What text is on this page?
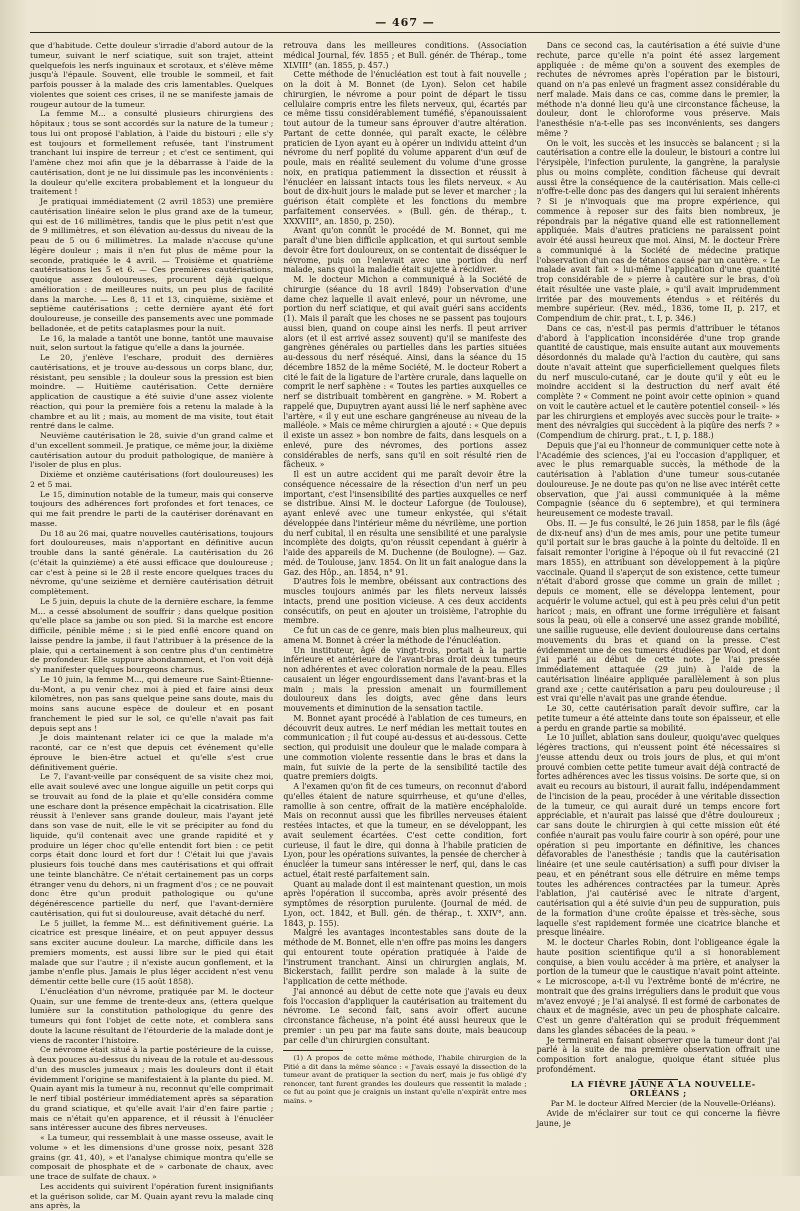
— 467 —

que d'habitude. Cette douleur s'irradie d'abord autour de la tumeur, suivant le nerf sciatique, suit son trajet, atteint quelquefois les nerfs inguinaux et scrotaux, et s'élève même jusqu'à l'épaule. Souvent, elle trouble le sommeil, et fait parfois pousser à la malade des cris lamentables. Quelques violentes que soient ces crises, il ne se manifeste jamais de rougeur autour de la tumeur.

La femme M... a consulté plusieurs chirurgiens des hôpitaux ; tous se sont accordés sur la nature de la tumeur ; tous lui ont proposé l'ablation, à l'aide du bistouri ; elle s'y est toujours et formellement refusée, tant l'instrument tranchant lui inspire de terreur ; et c'est ce sentiment, qui l'amène chez moi afin que je la débarrasse à l'aide de la cautérisation, dont je ne lui dissimule pas les inconvénients : la douleur qu'elle excitera probablement et la longueur du traitement !

Je pratiquai immédiatement (2 avril 1853) une première cautérisation linéaire selon le plus grand axe de la tumeur, qui est de 16 millimètres, tandis que le plus petit n'est que de 9 millimètres, et son élévation au-dessus du niveau de la peau de 5 ou 6 millimètres. La malade n'accuse qu'une légère douleur ; mais il n'en fut plus de même pour la seconde, pratiquée le 4 avril. — Troisième et quatrième cautérisations les 5 et 6. — Ces premières cautérisations, quoique assez douloureuses, procurent déjà quelque amélioration : de meilleures nuits, un peu plus de facilité dans la marche. — Les 8, 11 et 13, cinquième, sixième et septième cautérisations ; cette dernière ayant été fort douloureuse, je conseille des pansements avec une pommade belladonée, et de petits cataplasmes pour la nuit.

Le 16, la malade a tantôt une bonne, tantôt une mauvaise nuit, selon surtout la fatigue qu'elle a dans la journée.

Le 20, j'enlève l'eschare, produit des dernières cautérisations, et je trouve au-dessous un corps blanc, dur, résistant, peu sensible ; la douleur sous la pression est bien moindre. — Huitième cautérisation. Cette dernière application de caustique a été suivie d'une assez violente réaction, qui pour la première fois a retenu la malade à la chambre et au lit ; mais, au moment de ma visite, tout était rentré dans le calme.

Neuvième cautérisation le 28, suivie d'un grand calme et d'un excellent sommeil. Je pratique, ce même jour, la dixième cautérisation autour du produit pathologique, de manière à l'isoler de plus en plus.

Dixième et onzième cautérisations (fort douloureuses) les 2 et 5 mai.

Le 15, diminution notable de la tumeur, mais qui conserve toujours des adhérences fort profondes et fort tenaces, ce qui me fait prendre le parti de la cautériser dorénavant en masse.

Du 18 au 26 mai, quatre nouvelles cautérisations, toujours fort douloureuses, mais n'apportant en définitive aucun trouble dans la santé générale. La cautérisation du 26 (c'était la quinzième) a été aussi efficace que douloureuse ; car c'est à peine si le 28 il reste encore quelques traces du névrome, qu'une seizième et dernière cautérisation détruit complètement.

Le 5 juin, depuis la chute de la dernière eschare, la femme M... a cessé absolument de souffrir ; dans quelque position qu'elle place sa jambe ou son pied. Si la marche est encore difficile, pénible même ; si le pied enflé encore quand on laisse pendre la jambe, il faut l'attribuer à la présence de la plaie, qui a certainement à son centre plus d'un centimètre de profondeur. Elle suppure abondamment, et l'on voit déjà s'y manifester quelques bourgeons charnus.

Le 10 juin, la femme M..., qui demeure rue Saint-Étienne-du-Mont, a pu venir chez moi à pied et faire ainsi deux kilomètres, non pas sans quelque peine sans doute, mais du moins sans aucune espèce de douleur et en posant franchement le pied sur le sol, ce qu'elle n'avait pas fait depuis sept ans !

Je dois maintenant relater ici ce que la malade m'a raconté, car ce n'est que depuis cet événement qu'elle éprouve le bien-être actuel et qu'elle s'est crue définitivement guérie.

Le 7, l'avant-veille par conséquent de sa visite chez moi, elle avait soulevé avec une longue aiguille un petit corps qui se trouvait au fond de la plaie et qu'elle considéra comme une eschare dont la présence empêchait la cicatrisation. Elle réussit à l'enlever sans grande douleur, mais l'ayant jeté dans son vase de nuit, elle le vit se précipiter au fond du liquide, qu'il contenait avec une grande rapidité et y produire un léger choc qu'elle entendit fort bien : ce petit corps était donc lourd et fort dur ! C'était lui que j'avais plusieurs fois touché dans mes cautérisations et qui offrait une teinte blanchâtre. Ce n'était certainement pas un corps étranger venu du dehors, ni un fragment d'os ; ce ne pouvait donc être qu'un produit pathologique ou qu'une dégénérescence partielle du nerf, que l'avant-dernière cautérisation, qui fut si douloureuse, avait détaché du nerf.

Le 5 juillet, la femme M... est définitivement guérie. La cicatrice est presque linéaire, et on peut appuyer dessus sans exciter aucune douleur. La marche, difficile dans les premiers moments, est aussi libre sur le pied qui était malade que sur l'autre ; il n'existe aucun gonflement, et la jambe n'enfle plus. Jamais le plus léger accident n'est venu démentir cette belle cure (15 août 1858).

L'énucléation d'un névrome, pratiquée par M. le docteur Quain, sur une femme de trente-deux ans, (ettera quelque lumière sur la constitution pathologique du genre des tumeurs qui font l'objet de cette note, et comblera sans doute la lacune résultant de l'étourderie de la malade dont je viens de raconter l'histoire.

Ce névrome était situé à la partie postérieure de la cuisse, à deux pouces au-dessus du niveau de la rotule et au-dessous d'un des muscles jumeaux ; mais les douleurs dont il était évidemment l'origine se manifestaient à la plante du pied. M. Quain ayant mis la tumeur à nu, reconnut qu'elle comprimait le nerf tibial postérieur immédiatement après sa séparation du grand sciatique, et qu'elle avait l'air d'en faire partie ; mais ce n'était qu'en apparence, et il réussit à l'énucléer sans intéresser aucune des fibres nerveuses.

« La tumeur, qui ressemblait à une masse osseuse, avait le volume » et les dimensions d'une grosse noix, pesant 328 grains (gr. 41, 40), » et l'analyse chimique montra qu'elle se composait de phosphate et de » carbonate de chaux, avec une trace de sulfate de chaux. »

Les accidents qui suivirent l'opération furent insignifiants et la guérison solide, car M. Quain ayant revu la malade cinq ans après, la

retrouva dans les meilleures conditions. (Association médical Journal, fév. 1855 ; et Bull. génér. de Thérap., tome XLVIII° (an. 1855, p. 457.)

Cette méthode de l'énucléation est tout à fait nouvelle ; on la doit à M. Bonnet (de Lyon). Selon cet habile chirurgien, le névrome a pour point de départ le tissu cellulaire compris entre les filets nerveux, qui, écartés par ce même tissu considérablement tuméfié, s'épanouissaient tout autour de la tumeur sans éprouver d'autre altération. Partant de cette donnée, qui paraît exacte, le célèbre praticien de Lyon ayant eu à opérer un individu atteint d'un névrome du nerf poplité du volume apparent d'un œuf de poule, mais en réalité seulement du volume d'une grosse noix, en pratiqua patiemment la dissection et réussit à l'énucléer en laissant intacts tous les filets nerveux. « Au bout de dix-huit jours le malade put se lever et marcher ; la guérison était complète et les fonctions du membre parfaitement conservées. » (Bull. gén. de thérap., t. XXXVIII°, an. 1850, p. 250).

Avant qu'on connût le procédé de M. Bonnet, qui me paraît d'une bien difficile application, et qui surtout semble devoir être fort douloureux, on se contentait de disséquer le névrome, puis on l'enlevait avec une portion du nerf malade, sans quoi la maladie était sujette à récidiver.

M. le docteur Michon a communiqué à la Société de chirurgie (séance du 18 avril 1849) l'observation d'une dame chez laquelle il avait enlevé, pour un névrome, une portion du nerf sciatique, et qui avait guéri sans accidents (1). Mais il paraît que les choses ne se passent pas toujours aussi bien, quand on coupe ainsi les nerfs. Il peut arriver alors (et il est arrivé assez souvent) qu'il se manifeste des gangrènes générales ou partielles dans les parties situées au-dessous du nerf réséqué. Ainsi, dans la séance du 15 décembre 1852 de la même Société, M. le docteur Robert a cité le fait de la ligature de l'artère crurale, dans laquelle on comprit le nerf saphène : « Toutes les parties auxquelles ce nerf se distribuait tombèrent en gangrène. » M. Robert a rappelé que, Dupuytren ayant aussi lié le nerf saphène avec l'artère, « il y eut une eschare gangréneuse au niveau de la malléole. » Mais ce même chirurgien a ajouté : « Que depuis il existe un assez » bon nombre de faits, dans lesquels on a enlevé, pure des névromes, des portions assez considérables de nerfs, sans qu'il en soit résulté rien de fâcheux. »

Il est un autre accident qui me paraît devoir être la conséquence nécessaire de la résection d'un nerf un peu important, c'est l'insensibilité des parties auxquelles ce nerf se distribue. Ainsi M. le docteur Laforgue (de Toulouse), ayant enlevé avec une tumeur enkystée, qui s'était développée dans l'intérieur même du névrilème, une portion du nerf cubital, il en résulta une sensibilité et une paralysie incomplète des doigts, qu'on réussit cependant à guérir à l'aide des appareils de M. Duchenne (de Boulogne). — Gaz. méd. de Toulouse, janv. 1854. On lit un fait analogue dans la Gaz. des Hôp., an. 1854, n° 91.

D'autres fois le membre, obéissant aux contractions des muscles toujours animés par les filets nerveux laissés intacts, prend une position vicieuse. A ces deux accidents consécutifs, on peut en ajouter un troisième, l'atrophie du membre.

Ce fut un cas de ce genre, mais bien plus malheureux, qui amena M. Bonnet à créer la méthode de l'énucléation.

Un instituteur, âgé de vingt-trois, portait à la partie inférieure et antérieure de l'avant-bras droit deux tumeurs non adhérentes et avec coloration normale de la peau. Elles causaient un léger engourdissement dans l'avant-bras et la main ; mais la pression amenait un fourmillement douloureux dans les doigts, avec gêne dans leurs mouvements et diminution de la sensation tactile.

M. Bonnet ayant procédé à l'ablation de ces tumeurs, en découvrit deux autres. Le nerf médian les mettait toutes en communication ; il fut coupé au-dessus et au-dessous. Cette section, qui produisit une douleur que le malade compara à une commotion violente ressentie dans le bras et dans la main, fut suivie de la perte de la sensibilité tactile des quatre premiers doigts.

A l'examen qu'on fit de ces tumeurs, on reconnut d'abord qu'elles étaient de nature squirrheuse, et qu'une d'elles, ramollie à son centre, offrait de la matière encéphaloïde. Mais on reconnut aussi que les fibrilles nerveuses étaient restées intactes, et que la tumeur, en se développant, les avait seulement écartées. C'est cette condition, fort curieuse, il faut le dire, qui donna à l'habile praticien de Lyon, pour les opérations suivantes, la pensée de chercher à énucléer la tumeur sans intéresser le nerf, qui, dans le cas actuel, était resté parfaitement sain.

Quant au malade dont il est maintenant question, un mois après l'opération il succomba, après avoir présenté des symptômes de résorption purulente. (Journal de méd. de Lyon, oct. 1842, et Bull. gén. de thérap., t. XXIV°, ann. 1843, p. 155).

Malgré les avantages incontestables sans doute de la méthode de M. Bonnet, elle n'en offre pas moins les dangers qui entourent toute opération pratiquée à l'aide de l'instrument tranchant. Ainsi un chirurgien anglais, M. Bickerstach, faillit perdre son malade à la suite de l'application de cette méthode.

J'ai annoncé au début de cette note que j'avais eu deux fois l'occasion d'appliquer la cautérisation au traitement du névrome. Le second fait, sans avoir offert aucune circonstance fâcheuse, n'a point été aussi heureux que le premier : un peu par ma faute sans doute, mais beaucoup par celle d'un chirurgien consultant.

(1) A propos de cette même méthode, l'habile chirurgien de la Pitié a dit dans la même séance : « J'avais essayé la dissection de la tumeur avant de pratiquer la section du nerf, mais je fus obligé d'y renoncer, tant furent grandes les douleurs que ressentit la malade ; ce fut au point que je craignis un instant qu'elle n'expirât entre mes mains. »

Dans ce second cas, la cautérisation a été suivie d'une rechute, parce qu'elle n'a point été assez largement appliquée : de même qu'on a souvent des exemples de rechutes de névromes après l'opération par le bistouri, quand on n'a pas enlevé un fragment assez considérable du nerf malade. Mais dans ce cas, comme dans le premier, la méthode n'a donné lieu qu'à une circonstance fâcheuse, la douleur, dont le chloroforme vous préserve. Mais l'anesthésie n'a-t-elle pas ses inconvénients, ses dangers même ?

On le voit, les succès et les insuccès se balancent ; si la cautérisation a contre elle la douleur, le bistouri a contre lui l'érysipèle, l'infection purulente, la gangrène, la paralysie plus ou moins complète, condition fâcheuse qui devrait aussi être la conséquence de la cautérisation. Mais celle-ci n'offre-t-elle donc pas des dangers qui lui seraient inhérents ? Si je n'invoquais que ma propre expérience, qui commence à reposer sur des faits bien nombreux, je répondrais par la négative quand elle est rationnellement appliquée. Mais d'autres praticiens ne paraissent point avoir été aussi heureux que moi. Ainsi, M. le docteur Frère a communiqué à la Société de médecine pratique l'observation d'un cas de tétanos causé par un cautère. « Le malade avait fait » lui-même l'application d'une quantité trop considérable de » pierre à cautère sur le bras, d'où était résultée une vaste plaie, » qu'il avait imprudemment irritée par des mouvements étendus » et réitérés du membre supérieur. (Rev. méd., 1836, tome II, p. 217, et Compendium de chir. prat., t. I, p. 346.)

Dans ce cas, n'est-il pas permis d'attribuer le tétanos d'abord à l'application inconsidérée d'une trop grande quantité de caustique, mais ensuite autant aux mouvements désordonnés du malade qu'à l'action du cautère, qui sans doute n'avait atteint que superficiellement quelques filets du nerf musculo-cutané, car je doute qu'il y eût eu le moindre accident si la destruction du nerf avait été complète ? « Comment ne point avoir cette opinion » quand on voit le cautère actuel et le cautère potentiel conseil- » lés par les chirurgiens et employés avec succès pour le traite- » ment des névralgies qui succèdent à la piqûre des nerfs ? » (Compendium de chirurg. prat., t. I, p. 188.)

Depuis que j'ai eu l'honneur de communiquer cette note à l'Académie des sciences, j'ai eu l'occasion d'appliquer, et avec le plus remarquable succès, la méthode de la cautérisation à l'ablation d'une tumeur sous-cutanée douloureuse. Je ne doute pas qu'on ne lise avec intérêt cette observation, que j'ai aussi communiquée à la même Compagnie (séance du 6 septembre), et qui terminera heureusement ce modeste travail.

Obs. II. — Je fus consulté, le 26 juin 1858, par le fils (âgé de dix-neuf ans) d'un de mes amis, pour une petite tumeur qu'il portait sur le bras gauche à la pointe du deltoïde. Il en faisait remonter l'origine à l'époque où il fut revacciné (21 mars 1855), en attribuant son développement à la piqûre vaccinale. Quand il s'aperçut de son existence, cette tumeur n'était d'abord grosse que comme un grain de millet ; depuis ce moment, elle se développa lentement, pour acquérir le volume actuel, qui est à peu près celui d'un petit haricot ; mais, en offrant une forme irrégulière et faisant sous la peau, où elle a conservé une assez grande mobilité, une saillie rugueuse, elle devient douloureuse dans certains mouvements du bras et quand on la presse. C'est évidemment une de ces tumeurs étudiées par Wood, et dont j'ai parlé au début de cette note. Je l'ai pressée immédiatement attaquée (29 juin) à l'aide de la cautérisation linéaire appliquée parallèlement à son plus grand axe ; cette cautérisation a paru peu douloureuse ; il est vrai qu'elle n'avait pas une grande étendue.

Le 30, cette cautérisation paraît devoir suffire, car la petite tumeur a été atteinte dans toute son épaisseur, et elle a perdu en grande partie sa mobilité.

Le 10 juillet, ablation sans douleur, quoiqu'avec quelques légères tractions, qui n'eussent point été nécessaires si j'eusse attendu deux ou trois jours de plus, et qui m'ont prouvé combien cette petite tumeur avait déjà contracté de fortes adhérences avec les tissus voisins. De sorte que, si on avait eu recours au bistouri, il aurait fallu, indépendamment de l'incision de la peau, procéder à une véritable dissection de la tumeur, ce qui aurait duré un temps encore fort appréciable, et n'aurait pas laissé que d'être douloureux ; car sans doute le chirurgien à qui cette mission eût été confiée n'aurait pas voulu faire courir à son opéré, pour une opération si peu importante en définitive, les chances défavorables de l'anesthésie ; tandis que la cautérisation linéaire (et une seule cautérisation) a suffi pour diviser la peau, et en pénétrant sous elle détruire en même temps toutes les adhérences contractées par la tumeur. Après l'ablation, j'ai cautérisé avec le nitrate d'argent, cautérisation qui a été suivie d'un peu de suppuration, puis de la formation d'une croûte épaisse et très-sèche, sous laquelle s'est rapidement formée une cicatrice blanche et presque linéaire.

M. le docteur Charles Robin, dont l'obligeance égale la haute position scientifique qu'il a si honorablement conquise, a bien voulu accéder à ma prière, et analyser la portion de la tumeur que le caustique n'avait point atteinte. « Le microscope, a-t-il vu l'extrême bonté de m'écrire, ne montrait que des grains irréguliers dans le produit que vous m'avez envoyé ; je l'ai analysé. Il est formé de carbonates de chaux et de magnésie, avec un peu de phosphate calcaire. C'est un genre d'altération qui se produit fréquemment dans les glandes sébacées de la peau. »

Je terminerai en faisant observer que la tumeur dont j'ai parlé à la suite de ma première observation offrait une composition fort analogue, quoique étant située plus profondément.

LA FIÈVRE JAUNE À LA NOUVELLE-ORLÉANS ;

Par M. le docteur Alfred Mercier (de la Nouvelle-Orléans).

Avide de m'éclairer sur tout ce qui concerne la fièvre jaune, je
